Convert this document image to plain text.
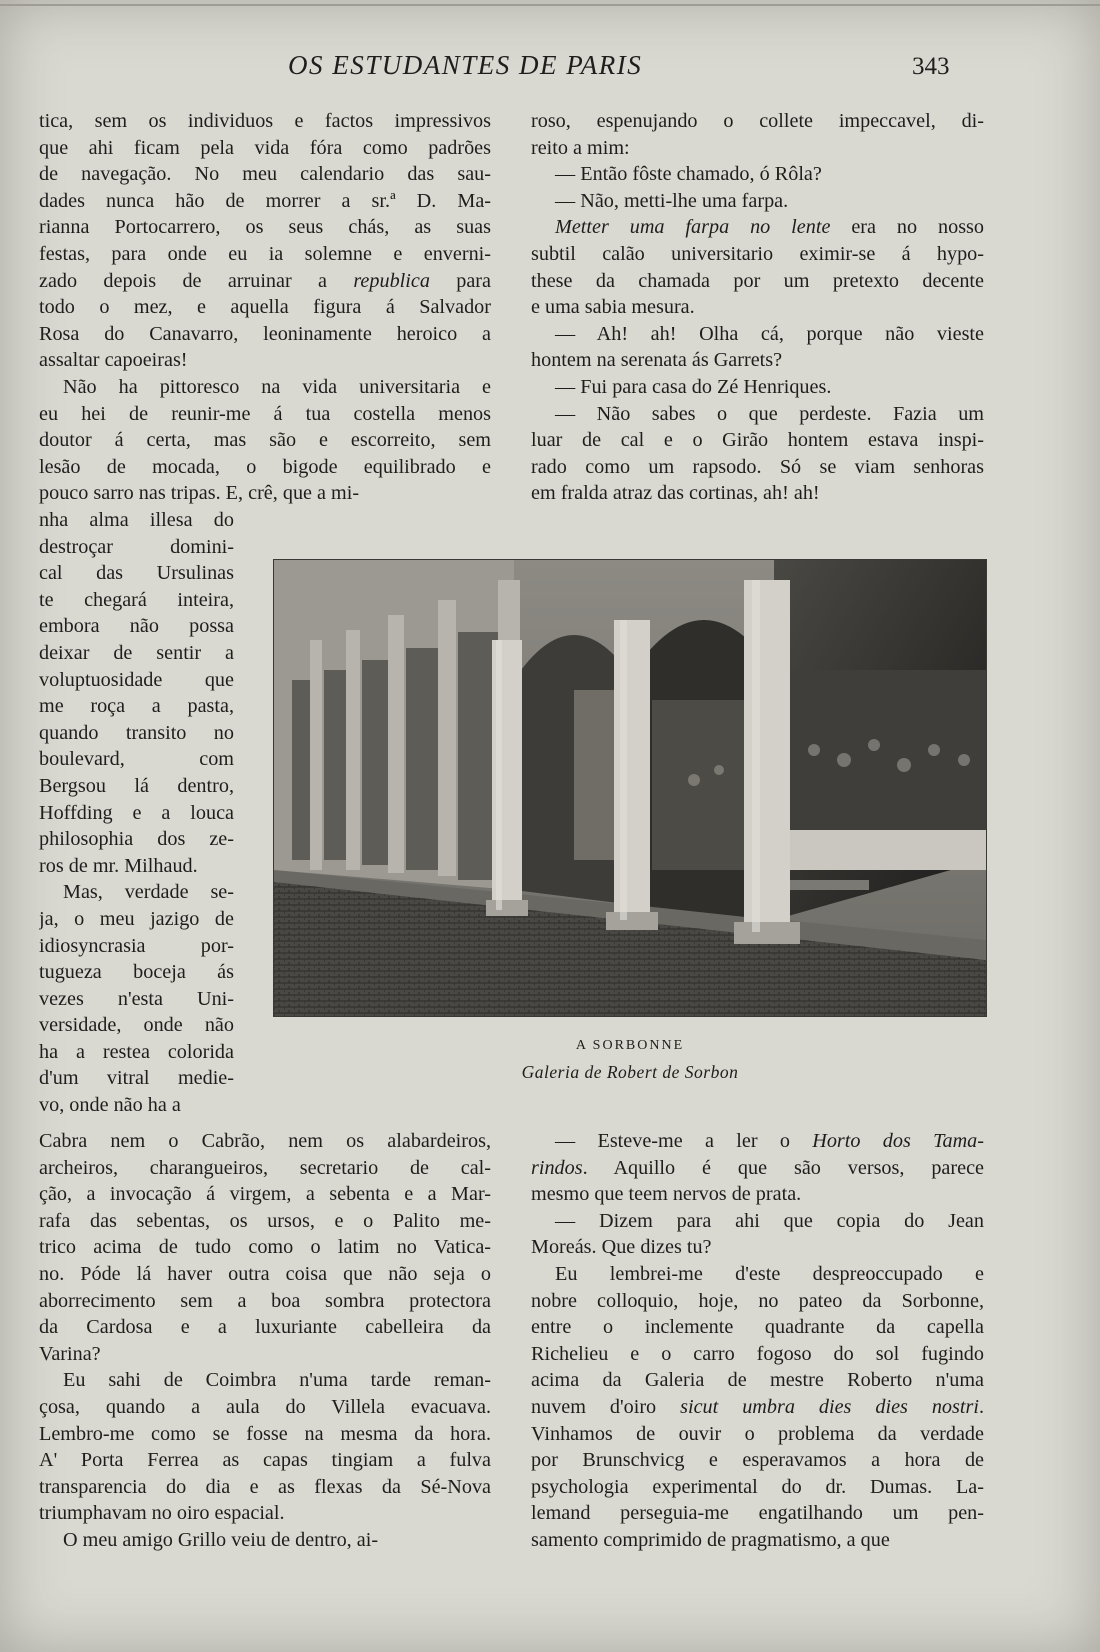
OS ESTUDANTES DE PARIS	343
tica, sem os individuos e factos impressivos
que ahi ficam pela vida fóra como padrões
de navegação. No meu calendario das sau-
dades nunca hão de morrer a sr.ª D. Ma-
rianna Portocarrero, os seus chás, as suas
festas, para onde eu ia solemne e enverni-
zado depois de arruinar a republica para
todo o mez, e aquella figura á Salvador
Rosa do Canavarro, leoninamente heroico a
assaltar capoeiras!
Não ha pittoresco na vida universitaria e
eu hei de reunir-me á tua costella menos
doutor á certa, mas são e escorreito, sem
lesão de mocada, o bigode equilibrado e
pouco sarro nas tripas. E, crê, que a mi-
roso, espenujando o collete impeccavel, di-
reito a mim:
— Então fôste chamado, ó Rôla?
— Não, metti-lhe uma farpa.
Metter uma farpa no lente era no nosso
subtil calão universitario eximir-se á hypo-
these da chamada por um pretexto decente
e uma sabia mesura.
— Ah! ah! Olha cá, porque não vieste
hontem na serenata ás Garrets?
— Fui para casa do Zé Henriques.
— Não sabes o que perdeste. Fazia um
luar de cal e o Girão hontem estava inspi-
rado como um rapsodo. Só se viam senhoras
em fralda atraz das cortinas, ah! ah!
nha alma illesa do
destroçar domini-
cal das Ursulinas
te chegará inteira,
embora não possa
deixar de sentir a
voluptuosidade que
me roça a pasta,
quando transito no
boulevard, com
Bergsou lá dentro,
Hoffding e a louca
philosophia dos ze-
ros de mr. Milhaud.
Mas, verdade se-
ja, o meu jazigo de
idiosyncrasia por-
tugueza boceja ás
vezes n'esta Uni-
versidade, onde não
ha a restea colorida
d'um vitral medie-
vo, onde não ha a
Cabra nem o Cabrão, nem os alabardeiros,
archeiros, charangueiros, secretario de cal-
ção, a invocação á virgem, a sebenta e a Mar-
rafa das sebentas, os ursos, e o Palito me-
trico acima de tudo como o latim no Vatica-
no. Póde lá haver outra coisa que não seja o
aborrecimento sem a boa sombra protectora
da Cardosa e a luxuriante cabelleira da
Varina?
Eu sahi de Coimbra n'uma tarde reman-
çosa, quando a aula do Villela evacuava.
Lembro-me como se fosse na mesma da hora.
A' Porta Ferrea as capas tingiam a fulva
transparencia do dia e as flexas da Sé-Nova
triumphavam no oiro espacial.
O meu amigo Grillo veiu de dentro, ai-
— Esteve-me a ler o Horto dos Tama-
rindos. Aquillo é que são versos, parece
mesmo que teem nervos de prata.
— Dizem para ahi que copia do Jean
Moreás. Que dizes tu?
Eu lembrei-me d'este despreoccupado e
nobre colloquio, hoje, no pateo da Sorbonne,
entre o inclemente quadrante da capella
Richelieu e o carro fogoso do sol fugindo
acima da Galeria de mestre Roberto n'uma
nuvem d'oiro sicut umbra dies dies nostri.
Vinhamos de ouvir o problema da verdade
por Brunschvicg e esperavamos a hora de
psychologia experimental do dr. Dumas. La-
lemand perseguia-me engatilhando um pen-
samento comprimido de pragmatismo, a que
A SORBONNE
Galeria de Robert de Sorbon
